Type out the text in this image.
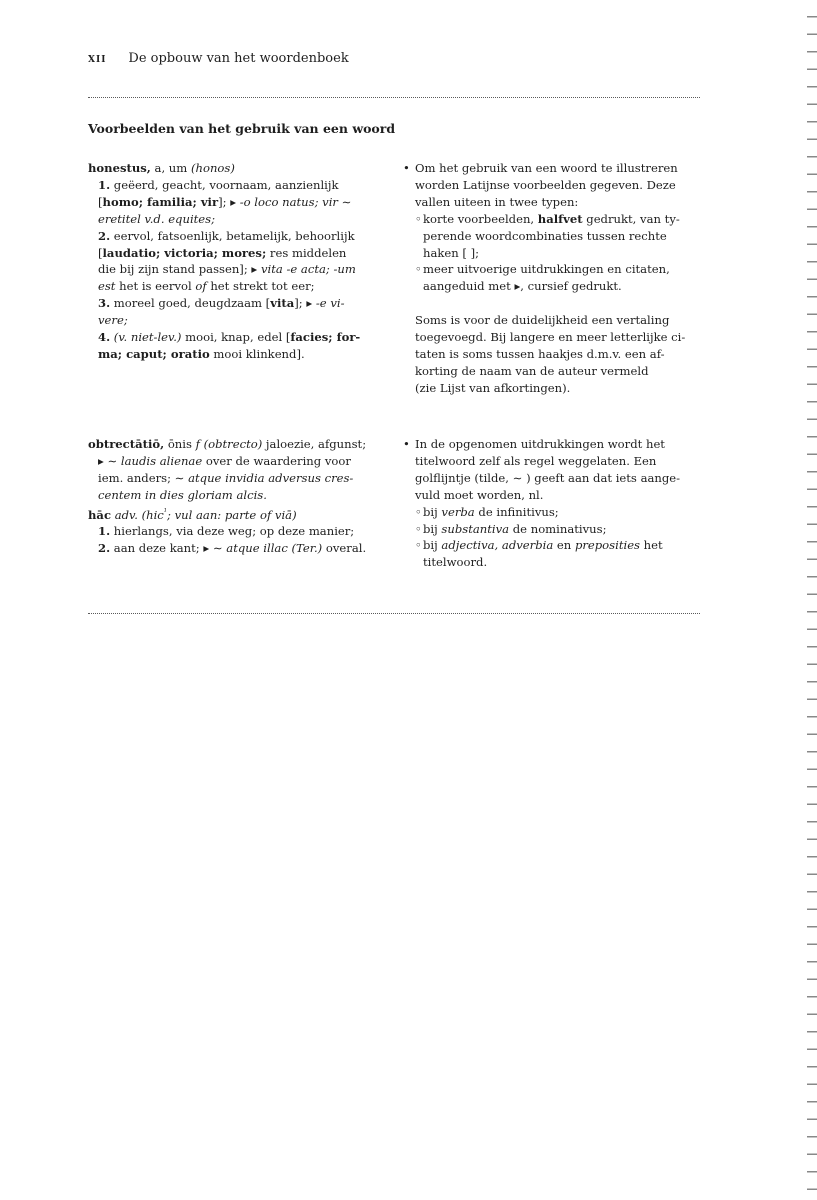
xii De opbouw van het woordenboek
Voorbeelden van het gebruik van een woord
honestus, a, um (honos)
1. geëerd, geacht, voornaam, aanzienlijk
[homo; familia; vir]; ▸ -o loco natus; vir ∼
eretitel v.d. equites;
2. eervol, fatsoenlijk, betamelijk, behoorlijk
[laudatio; victoria; mores; res middelen
die bij zijn stand passen]; ▸ vita -e acta; -um
est het is eervol of het strekt tot eer;
3. moreel goed, deugdzaam [vita]; ▸ -e vi-
vere;
4. (v. niet-lev.) mooi, knap, edel [facies; for-
ma; caput; oratio mooi klinkend].
obtrectātiō, ōnis f (obtrecto) jaloezie, afgunst;
▸ ∼ laudis alienae over de waardering voor
iem. anders; ∼ atque invidia adversus cres-
centem in dies gloriam alcis.
hāc adv. (hic$^{^1}$; vul aan: parte of viā)
1. hierlangs, via deze weg; op deze manier;
2. aan deze kant; ▸ ∼ atque illac (Ter.) overal.
• Om het gebruik van een woord te illustreren
worden Latijnse voorbeelden gegeven. Deze
vallen uiteen in twee typen:
◦ korte voorbeelden, halfvet gedrukt, van ty-
perende woordcombinaties tussen rechte
haken [ ];
◦ meer uitvoerige uitdrukkingen en citaten,
aangeduid met ▸, cursief gedrukt.
Soms is voor de duidelijkheid een vertaling
toegevoegd. Bij langere en meer letterlijke ci-
taten is soms tussen haakjes d.m.v. een af-
korting de naam van de auteur vermeld
(zie Lijst van afkortingen).
• In de opgenomen uitdrukkingen wordt het
titelwoord zelf als regel weggelaten. Een
golflijntje (tilde, ∼ ) geeft aan dat iets aange-
vuld moet worden, nl.
◦ bij verba de infinitivus;
◦ bij substantiva de nominativus;
◦ bij adjectiva, adverbia en preposities het
titelwoord.
